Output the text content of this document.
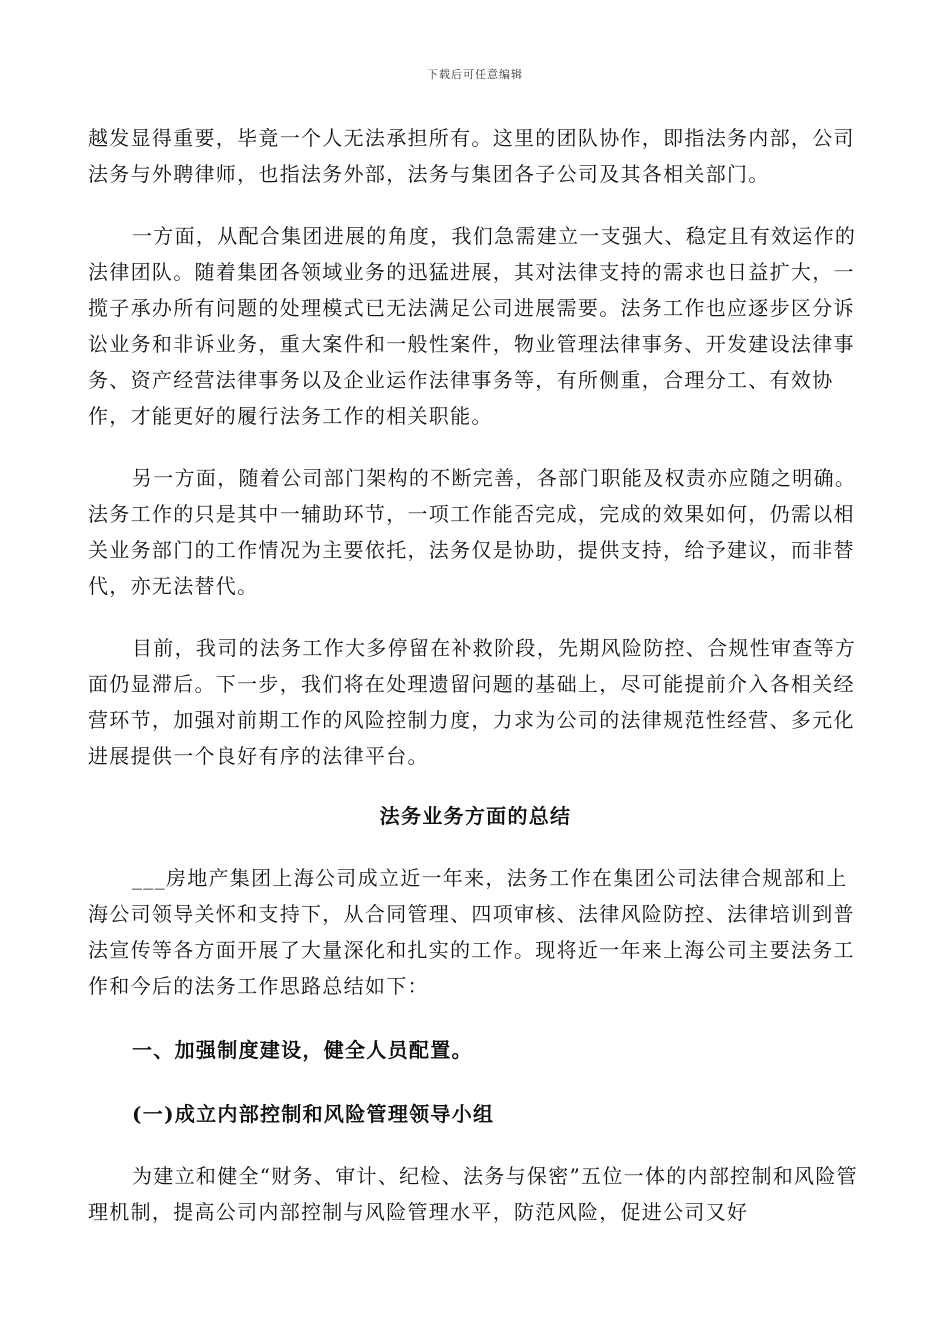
下载后可任意编辑

越发显得重要，毕竟一个人无法承担所有。这里的团队协作，即指法务内部，公司法务与外聘律师，也指法务外部，法务与集团各子公司及其各相关部门。

一方面，从配合集团进展的角度，我们急需建立一支强大、稳定且有效运作的法律团队。随着集团各领域业务的迅猛进展，其对法律支持的需求也日益扩大，一揽子承办所有问题的处理模式已无法满足公司进展需要。法务工作也应逐步区分诉讼业务和非诉业务，重大案件和一般性案件，物业管理法律事务、开发建设法律事务、资产经营法律事务以及企业运作法律事务等，有所侧重，合理分工、有效协作，才能更好的履行法务工作的相关职能。

另一方面，随着公司部门架构的不断完善，各部门职能及权责亦应随之明确。法务工作的只是其中一辅助环节，一项工作能否完成，完成的效果如何，仍需以相关业务部门的工作情况为主要依托，法务仅是协助，提供支持，给予建议，而非替代，亦无法替代。

目前，我司的法务工作大多停留在补救阶段，先期风险防控、合规性审查等方面仍显滞后。下一步，我们将在处理遗留问题的基础上，尽可能提前介入各相关经营环节，加强对前期工作的风险控制力度，力求为公司的法律规范性经营、多元化进展提供一个良好有序的法律平台。

法务业务方面的总结

___房地产集团上海公司成立近一年来，法务工作在集团公司法律合规部和上海公司领导关怀和支持下，从合同管理、四项审核、法律风险防控、法律培训到普法宣传等各方面开展了大量深化和扎实的工作。现将近一年来上海公司主要法务工作和今后的法务工作思路总结如下：

一、加强制度建设，健全人员配置。

(一)成立内部控制和风险管理领导小组

为建立和健全“财务、审计、纪检、法务与保密”五位一体的内部控制和风险管理机制，提高公司内部控制与风险管理水平，防范风险，促进公司又好
